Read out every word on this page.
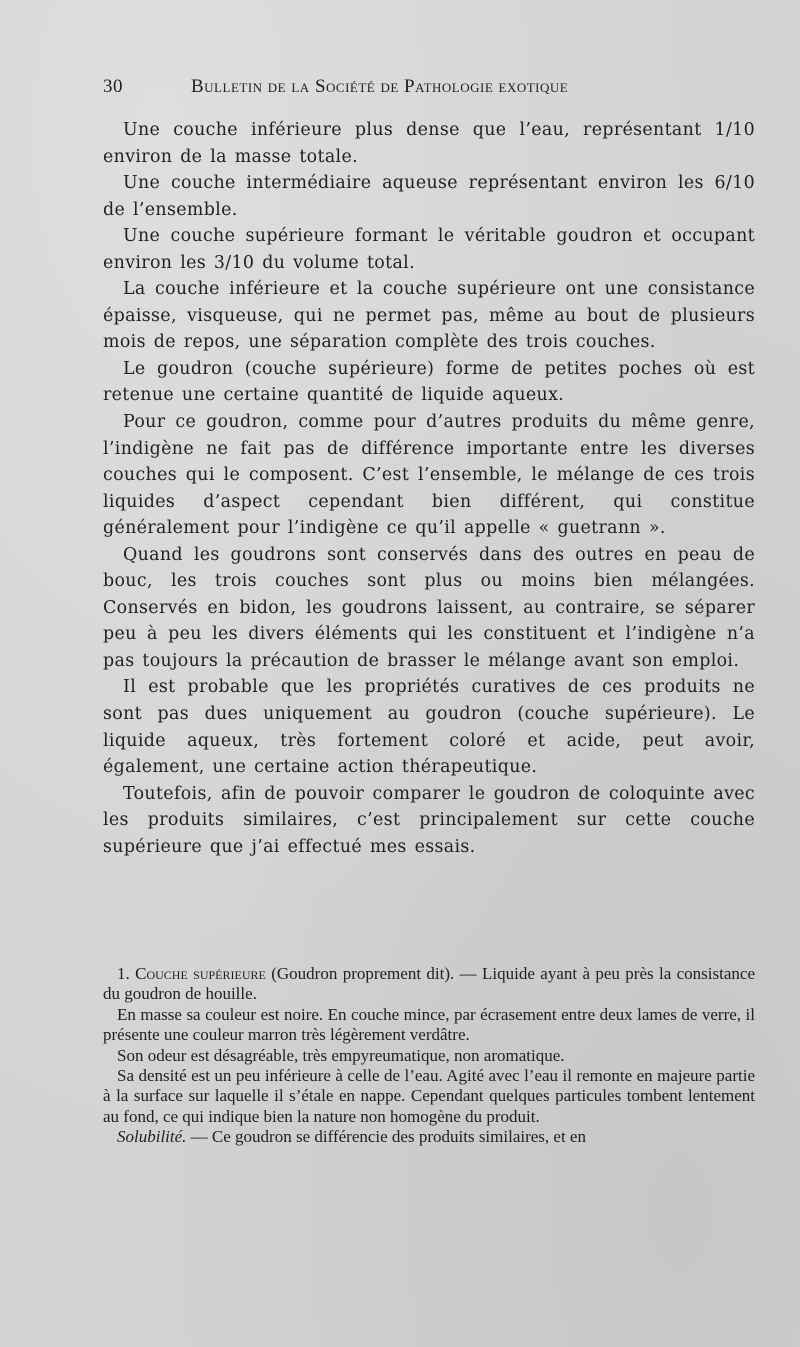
30	Bulletin de la Société de Pathologie exotique

Une couche inférieure plus dense que l’eau, représentant 1/10 environ de la masse totale.

Une couche intermédiaire aqueuse représentant environ les 6/10 de l’ensemble.

Une couche supérieure formant le véritable goudron et occupant environ les 3/10 du volume total.

La couche inférieure et la couche supérieure ont une consistance épaisse, visqueuse, qui ne permet pas, même au bout de plusieurs mois de repos, une séparation complète des trois couches.

Le goudron (couche supérieure) forme de petites poches où est retenue une certaine quantité de liquide aqueux.

Pour ce goudron, comme pour d’autres produits du même genre, l’indigène ne fait pas de différence importante entre les diverses couches qui le composent. C’est l’ensemble, le mélange de ces trois liquides d’aspect cependant bien différent, qui constitue généralement pour l’indigène ce qu’il appelle « guetrann ».

Quand les goudrons sont conservés dans des outres en peau de bouc, les trois couches sont plus ou moins bien mélangées. Conservés en bidon, les goudrons laissent, au contraire, se séparer peu à peu les divers éléments qui les constituent et l’indigène n’a pas toujours la précaution de brasser le mélange avant son emploi.

Il est probable que les propriétés curatives de ces produits ne sont pas dues uniquement au goudron (couche supérieure). Le liquide aqueux, très fortement coloré et acide, peut avoir, également, une certaine action thérapeutique.

Toutefois, afin de pouvoir comparer le goudron de coloquinte avec les produits similaires, c’est principalement sur cette couche supérieure que j’ai effectué mes essais.

1. Couche supérieure (Goudron proprement dit). — Liquide ayant à peu près la consistance du goudron de houille.

En masse sa couleur est noire. En couche mince, par écrasement entre deux lames de verre, il présente une couleur marron très légèrement verdâtre.

Son odeur est désagréable, très empyreumatique, non aromatique.

Sa densité est un peu inférieure à celle de l’eau. Agité avec l’eau il remonte en majeure partie à la surface sur laquelle il s’étale en nappe. Cependant quelques particules tombent lentement au fond, ce qui indique bien la nature non homogène du produit.

Solubilité. — Ce goudron se différencie des produits similaires, et en
